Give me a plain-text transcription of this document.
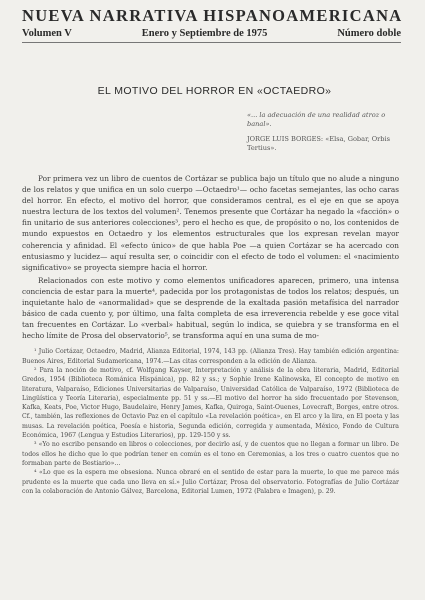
NUEVA NARRATIVA HISPANOAMERICANA
Volumen V	Enero y Septiembre de 1975	Número doble
EL MOTIVO DEL HORROR EN «OCTAEDRO»
«... la adecuación de una realidad atroz o banal».
JORGE LUIS BORGES: «Elsa, Gobar, Orbis Tertius».

Por primera vez un libro de cuentos de Cortázar se publica bajo un título que no alude a ninguno de los relatos y que unifica en un solo cuerpo —Octaedro¹— ocho facetas semejantes, las ocho caras del horror. En efecto, el motivo del horror, que consideramos central, es el eje en que se apoya nuestra lectura de los textos del volumen². Tenemos presente que Cortázar ha negado la «facción» o fin unitario de sus anteriores colecciones³, pero el hecho es que, de propósito o no, los contenidos de mundo expuestos en Octaedro y los elementos estructurales que los expresan revelan mayor coherencia y afinidad. El «efecto único» de que habla Poe —a quien Cortázar se ha acercado con entusiasmo y lucidez— aquí resulta ser, o coincidir con el efecto de todo el volumen: el «nacimiento significativo» se proyecta siempre hacia el horror.

Relacionados con este motivo y como elementos unificadores aparecen, primero, una intensa conciencia de estar para la muerte⁴, padecida por los protagonistas de todos los relatos; después, un inquietante halo de «anormalidad» que se desprende de la exaltada pasión metafísica del narrador básico de cada cuento y, por último, una falta completa de esa irreverencia rebelde y ese goce vital tan frecuentes en Cortázar. Lo «verbal» habitual, según lo indica, se quiebra y se transforma en el hecho límite de Prosa del observatorio⁵, se transforma aquí en una suma de mo-

¹ Julio Cortázar, Octaedro, Madrid, Alianza Editorial, 1974, 143 pp. (Alianza Tres). Hay también edición argentina: Buenos Aires, Editorial Sudamericana, 1974.—Las citas corresponden a la edición de Alianza.

² Para la noción de motivo, cf. Wolfgang Kayser, Interpretación y análisis de la obra literaria, Madrid, Editorial Gredos, 1954 (Biblioteca Románica Hispánica), pp. 82 y ss.; y Sophie Irene Kalinowska, El concepto de motivo en literatura, Valparaíso, Ediciones Universitarias de Valparaíso, Universidad Católica de Valparaíso, 1972 (Biblioteca de Lingüística y Teoría Literaria), especialmente pp. 51 y ss.—El motivo del horror ha sido frecuentado por Stevenson, Kafka, Keats, Poe, Victor Hugo, Baudelaire, Henry James, Kafka, Quiroga, Saint-Ouenes, Lovecraft, Borges, entre otros. Cf., también, las reflexiones de Octavio Paz en el capítulo «La revelación poética», en El arco y la lira, en El poeta y las musas. La revelación poética, Poesía e historia, Segunda edición, corregida y aumentada, México, Fondo de Cultura Económica, 1967 (Lengua y Estudios Literarios), pp. 129-150 y ss.

³ «Yo no escribo pensando en libros o colecciones, por decirlo así, y de cuentos que no llegan a formar un libro. De todos ellos he dicho que lo que podrían tener en común es el tono en Ceremonias, a los tres o cuatro cuentos que no formaban parte de Bestiario»...

⁴ «Lo que es la espera me obsesiona. Nunca obraré en el sentido de estar para la muerte, lo que me parece más prudente es la muerte que cada uno lleva en sí.» Julio Cortázar, Prosa del observatorio. Fotografías de Julio Cortázar con la colaboración de Antonio Gálvez, Barcelona, Editorial Lumen, 1972 (Palabra e Imagen), p. 29.
